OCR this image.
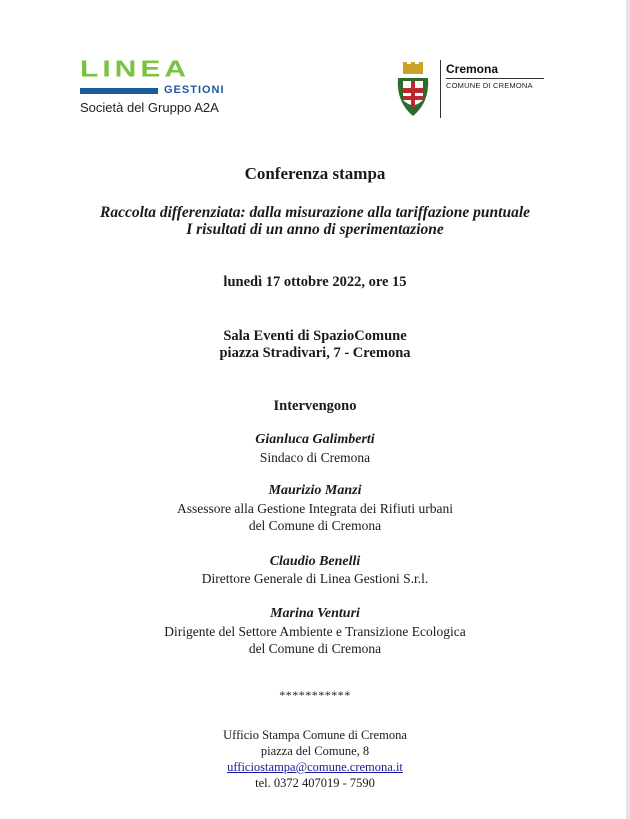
LINEA
GESTIONI
Società del Gruppo A2A
Cremona
COMUNE DI CREMONA
Conferenza stampa
Raccolta differenziata: dalla misurazione alla tariffazione puntuale
I risultati di un anno di sperimentazione
lunedì 17 ottobre 2022, ore 15
Sala Eventi di SpazioComune
piazza Stradivari, 7 - Cremona
Intervengono
Gianluca Galimberti
Sindaco di Cremona
Maurizio Manzi
Assessore alla Gestione Integrata dei Rifiuti urbani
del Comune di Cremona
Claudio Benelli
Direttore Generale di Linea Gestioni S.r.l.
Marina Venturi
Dirigente del Settore Ambiente e Transizione Ecologica
del Comune di Cremona
***********
Ufficio Stampa Comune di Cremona
piazza del Comune, 8
ufficiostampa@comune.cremona.it
tel. 0372 407019 - 7590
